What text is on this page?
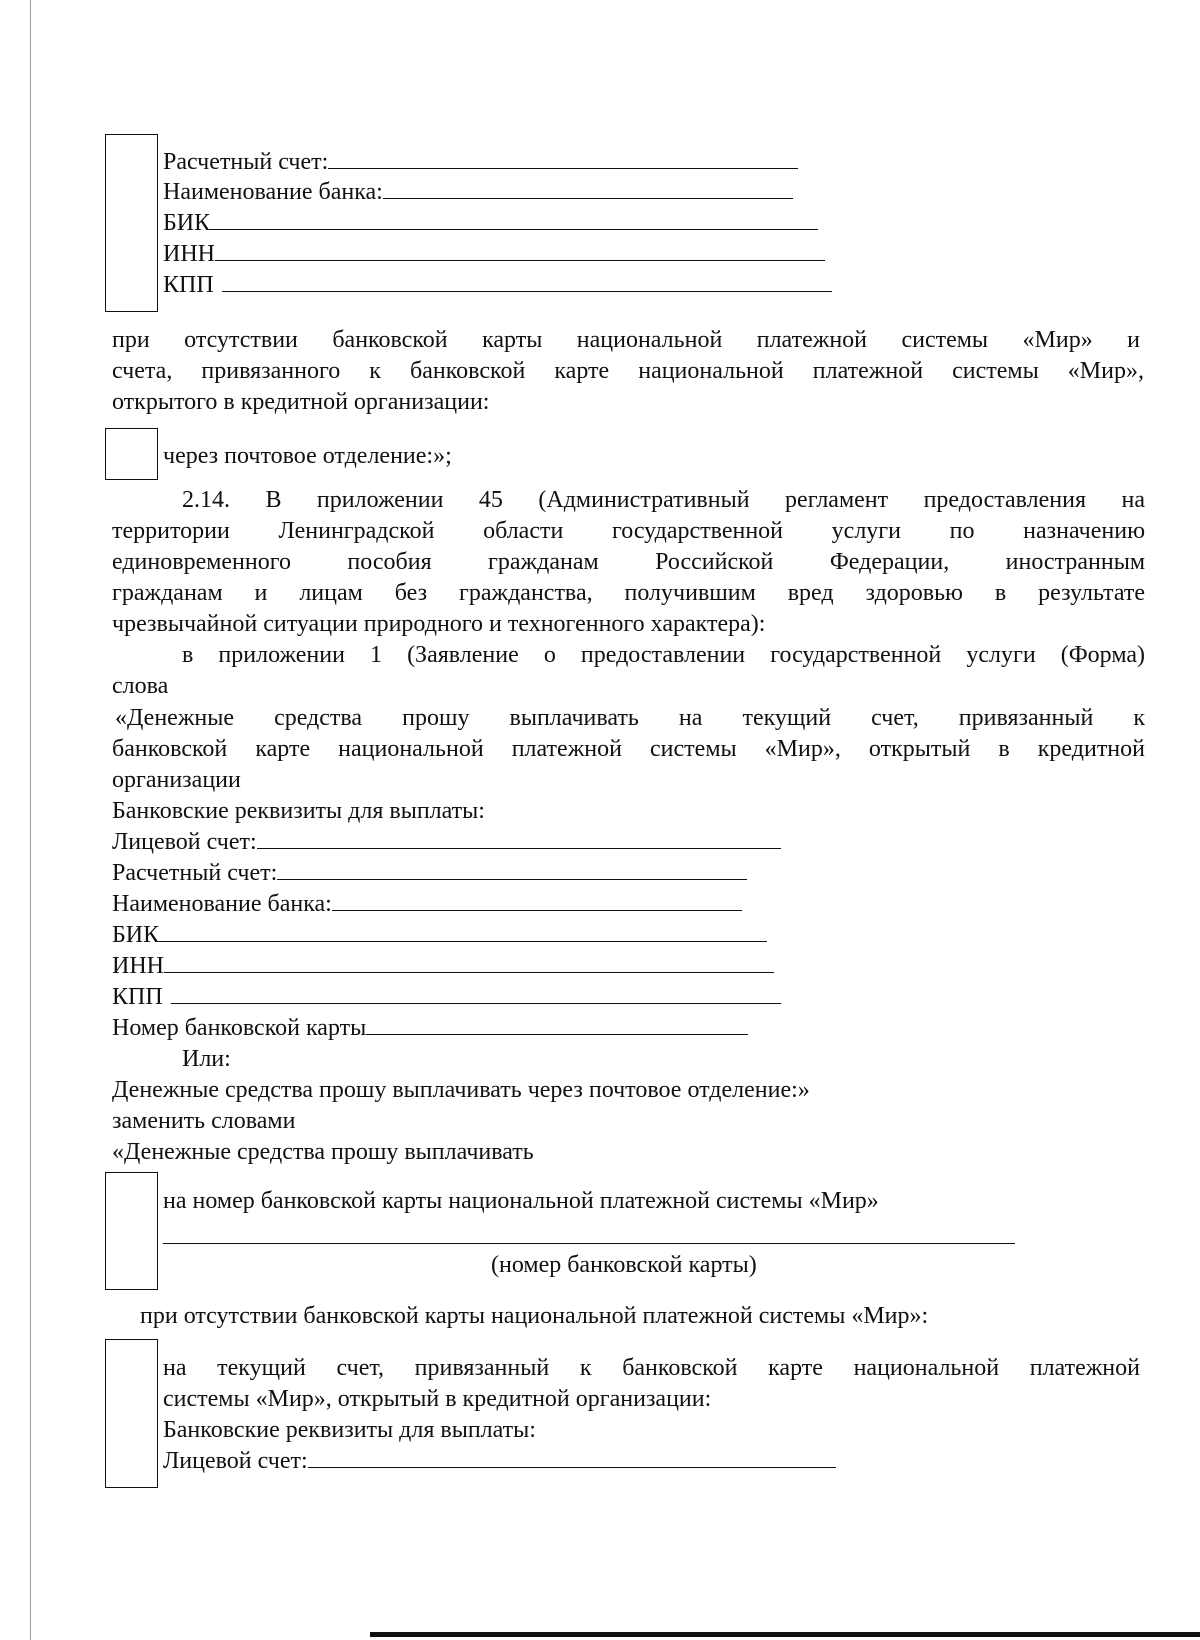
Расчетный счет:
Наименование банка:
БИК
ИНН
КПП
при отсутствии банковской карты национальной платежной системы «Мир» и
счета, привязанного к банковской карте национальной платежной системы «Мир»,
открытого в кредитной организации:
через почтовое отделение:»;
2.14. В приложении 45 (Административный регламент предоставления на
территории Ленинградской области государственной услуги по назначению
единовременного пособия гражданам Российской Федерации, иностранным
гражданам и лицам без гражданства, получившим вред здоровью в результате
чрезвычайной ситуации природного и техногенного характера):
в приложении 1 (Заявление о предоставлении государственной услуги (Форма)
слова
«Денежные средства прошу выплачивать на текущий счет, привязанный к
банковской карте национальной платежной системы «Мир», открытый в кредитной
организации
Банковские реквизиты для выплаты:
Лицевой счет:
Расчетный счет:
Наименование банка:
БИК
ИНН
КПП
Номер банковской карты
Или:
Денежные средства прошу выплачивать через почтовое отделение:»
заменить словами
«Денежные средства прошу выплачивать
на номер банковской карты национальной платежной системы «Мир»
(номер банковской карты)
при отсутствии банковской карты национальной платежной системы «Мир»:
на текущий счет, привязанный к банковской карте национальной платежной
системы «Мир», открытый в кредитной организации:
Банковские реквизиты для выплаты:
Лицевой счет:
